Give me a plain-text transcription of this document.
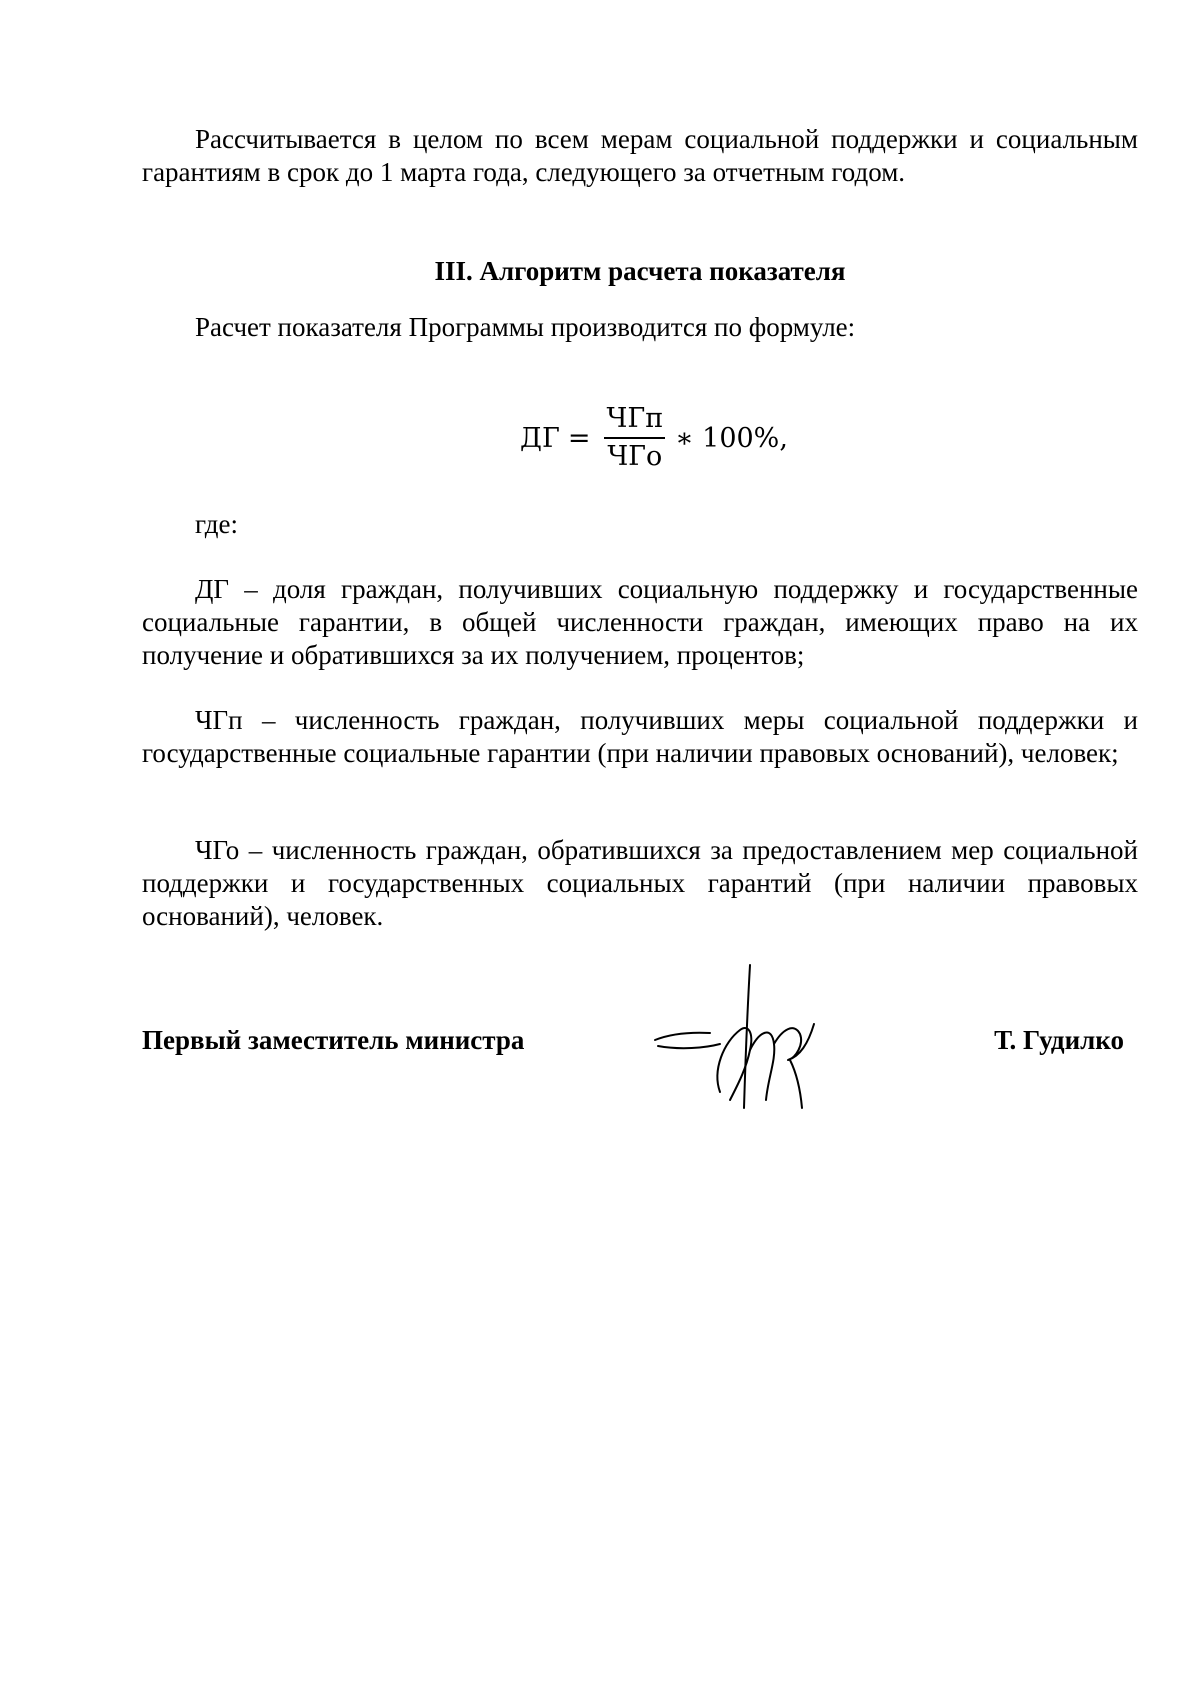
Рассчитывается в целом по всем мерам социальной поддержки и социальным гарантиям в срок до 1 марта года, следующего за отчетным годом.

III. Алгоритм расчета показателя

Расчет показателя Программы производится по формуле:

ДГ = $\frac{\text{ЧГп}}{\text{ЧГо}}$ ∗ 100%,

где:

ДГ – доля граждан, получивших социальную поддержку и государственные социальные гарантии, в общей численности граждан, имеющих право на их получение и обратившихся за их получением, процентов;

ЧГп – численность граждан, получивших меры социальной поддержки и государственные социальные гарантии (при наличии правовых оснований), человек;

ЧГо – численность граждан, обратившихся за предоставлением мер социальной поддержки и государственных социальных гарантий (при наличии правовых оснований), человек.

Первый заместитель министра	Т. Гудилко
